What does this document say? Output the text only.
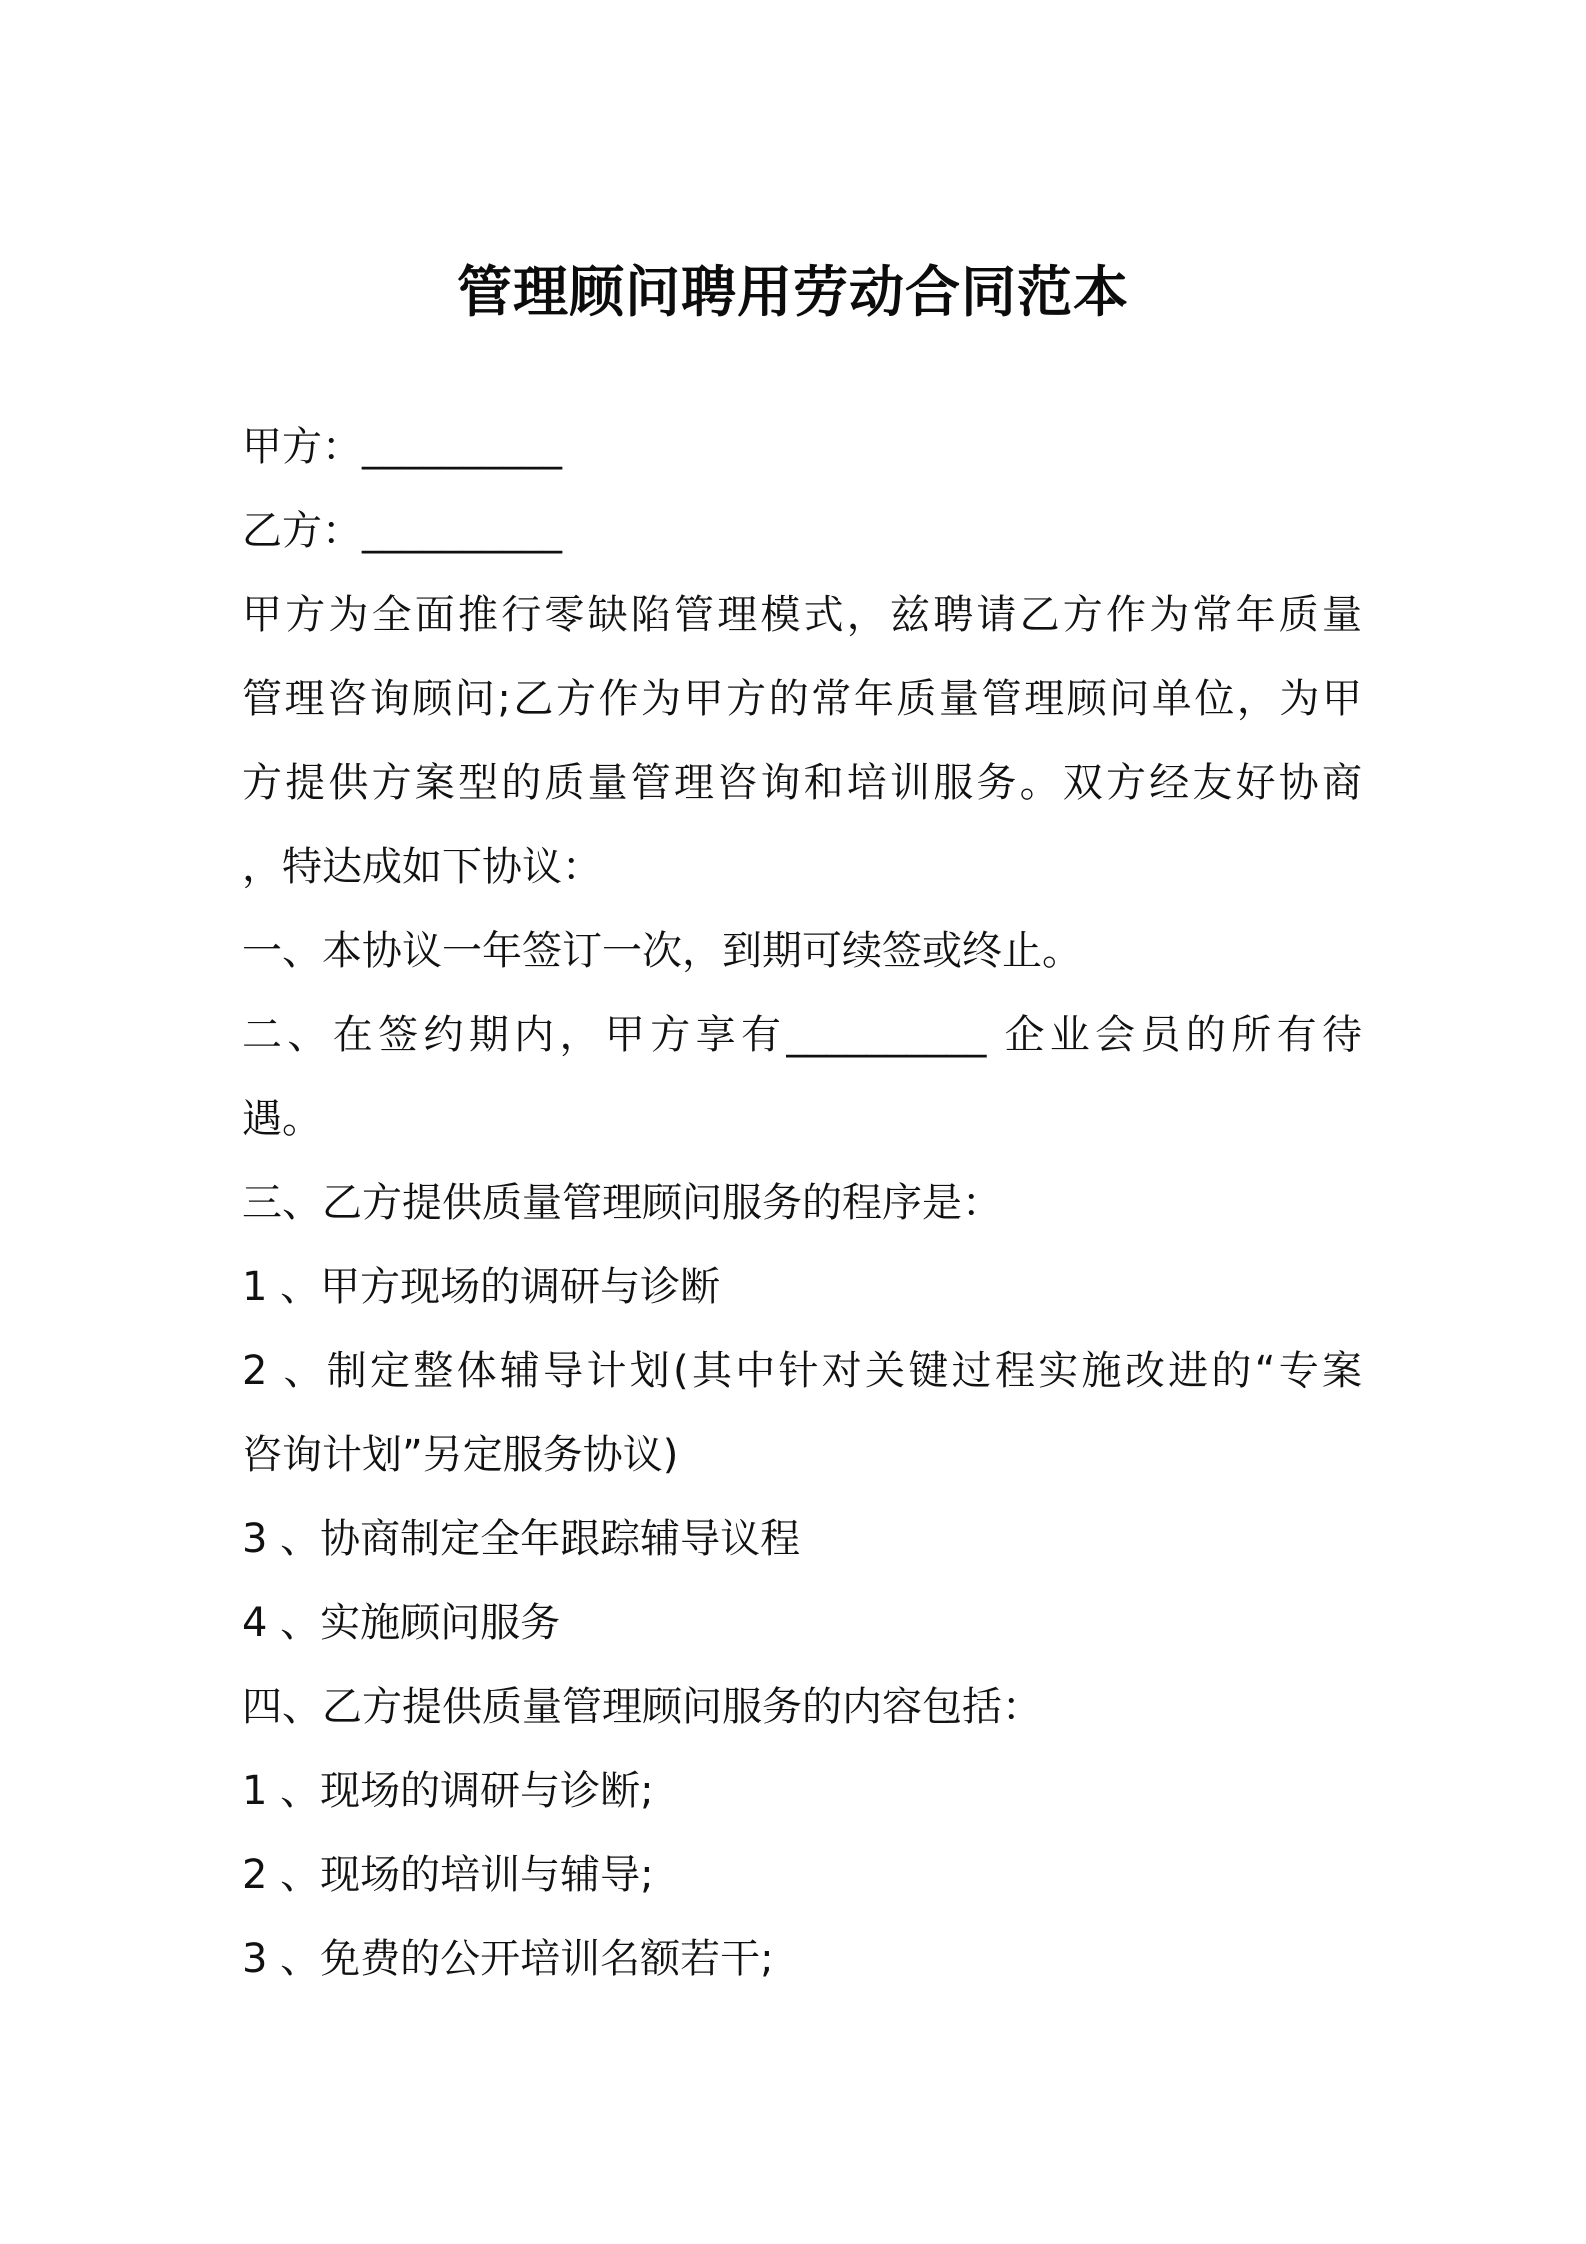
管理顾问聘用劳动合同范本
甲方：__________
乙方：__________
甲方为全面推行零缺陷管理模式，兹聘请乙方作为常年质量
管理咨询顾问;乙方作为甲方的常年质量管理顾问单位，为甲
方提供方案型的质量管理咨询和培训服务。双方经友好协商
，特达成如下协议：
一、本协议一年签订一次，到期可续签或终止。
二、在签约期内，甲方享有__________ 企业会员的所有待
遇。
三、乙方提供质量管理顾问服务的程序是：
1 、甲方现场的调研与诊断
2 、制定整体辅导计划(其中针对关键过程实施改进的“专案
咨询计划”另定服务协议)
3 、协商制定全年跟踪辅导议程
4 、实施顾问服务
四、乙方提供质量管理顾问服务的内容包括：
1 、现场的调研与诊断;
2 、现场的培训与辅导;
3 、免费的公开培训名额若干;
